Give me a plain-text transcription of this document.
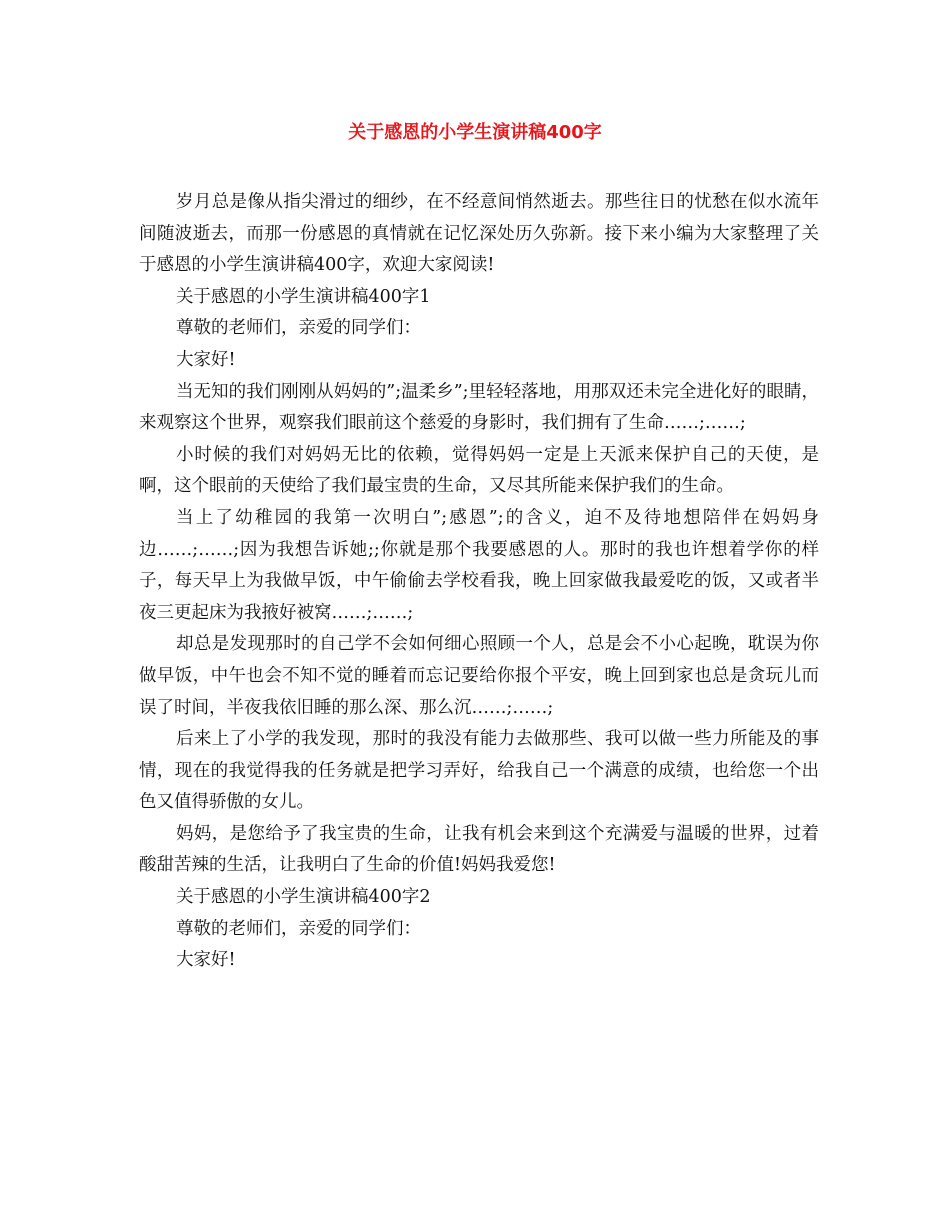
关于感恩的小学生演讲稿400字

岁月总是像从指尖滑过的细纱，在不经意间悄然逝去。那些往日的忧愁在似水流年间随波逝去，而那一份感恩的真情就在记忆深处历久弥新。接下来小编为大家整理了关于感恩的小学生演讲稿400字，欢迎大家阅读!

关于感恩的小学生演讲稿400字1

尊敬的老师们，亲爱的同学们：

大家好!

当无知的我们刚刚从妈妈的”;温柔乡”;里轻轻落地，用那双还未完全进化好的眼睛，来观察这个世界，观察我们眼前这个慈爱的身影时，我们拥有了生命……;……;

小时候的我们对妈妈无比的依赖，觉得妈妈一定是上天派来保护自己的天使，是啊，这个眼前的天使给了我们最宝贵的生命，又尽其所能来保护我们的生命。

当上了幼稚园的我第一次明白”;感恩”;的含义，迫不及待地想陪伴在妈妈身边……;……;因为我想告诉她;;你就是那个我要感恩的人。那时的我也许想着学你的样子，每天早上为我做早饭，中午偷偷去学校看我，晚上回家做我最爱吃的饭，又或者半夜三更起床为我掖好被窝……;……;

却总是发现那时的自己学不会如何细心照顾一个人，总是会不小心起晚，耽误为你做早饭，中午也会不知不觉的睡着而忘记要给你报个平安，晚上回到家也总是贪玩儿而误了时间，半夜我依旧睡的那么深、那么沉……;……;

后来上了小学的我发现，那时的我没有能力去做那些、我可以做一些力所能及的事情，现在的我觉得我的任务就是把学习弄好，给我自己一个满意的成绩，也给您一个出色又值得骄傲的女儿。

妈妈，是您给予了我宝贵的生命，让我有机会来到这个充满爱与温暖的世界，过着酸甜苦辣的生活，让我明白了生命的价值!妈妈我爱您!

关于感恩的小学生演讲稿400字2

尊敬的老师们，亲爱的同学们：

大家好!
